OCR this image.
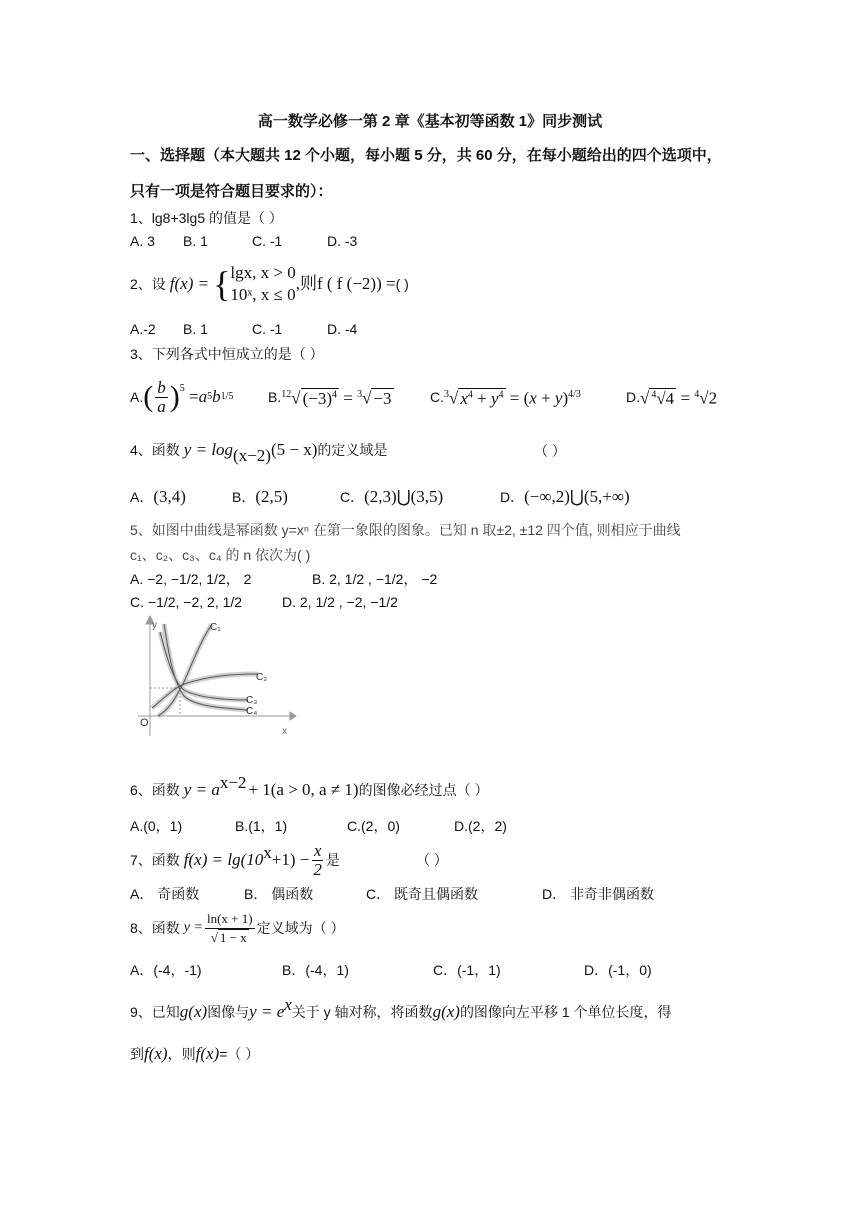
高一数学必修一第 2 章《基本初等函数 1》同步测试
一、选择题（本大题共 12 个小题，每小题 5 分，共 60 分，在每小题给出的四个选项中，
只有一项是符合题目要求的）：
1、lg8+3lg5 的值是（ ）
A. 3 B. 1	C. -1	D. -3
2、设 f(x) = { lgx, x > 0
10ˣ, x ≤ 0
,则f ( f (−2)) = ( )
A.-2 B. 1	C. -1	D. -4
3、下列各式中恒成立的是（ ）
A. ( $\frac{b}{a} )^5 = a$ 5 b 1/5 B. $^{12}$√ $(-3)^4 = ^3√ -3$	C. $^3$√ $x^4 + y^4 = (x + y)^{4/3}$	D. √ $^4$√4 = $^4$√2
4、函数 $y = \log_{(x-2)} (5 - x)$ 的定义域是	（ ）
A．(3,4)	B．(2,5)	C．(2,3)⋃(3,5)	D．(−∞,2)⋃(5,+∞)
5、如图中曲线是幂函数 y=xⁿ 在第一象限的图象。已知 n 取±2, ±12 四个值, 则相应于曲线
c₁、c₂、c₃、c₄ 的 n 依次为( )
A. −2, −1/2, 1/2， 2	B. 2, 1/2 , −1/2， −2
C. −1/2, −2, 2, 1/2	D. 2, 1/2 , −2, −1/2
y
x
O
C₁
C₂
C₃
C₄
6、函数 $y = a^{x-2} + 1(a > 0$, a ≠ 1) 的图像必经过点（ ）
A.(0，1)	B.(1，1)	C.(2，0)	D.(2，2)
7、函数 $f(x) = \lg(10^x +1) - \frac{x}{2}$ 是	（ ）
A． 奇函数	B． 偶函数	C． 既奇且偶函数	D． 非奇非偶函数
8、函数 $y = \frac{\ln(x + 1)}{√ 1 - x}$ 定义域为（ ）
A．(-4，-1)	B．(-4，1)	C．(-1，1)	D．(-1，0)
9、已知 g(x) 图像与 $y = e^x$ 关于 y 轴对称，将函数 g(x) 的图像向左平移 1 个单位长度，得
到 f(x) ，则 f(x) =（ ）
